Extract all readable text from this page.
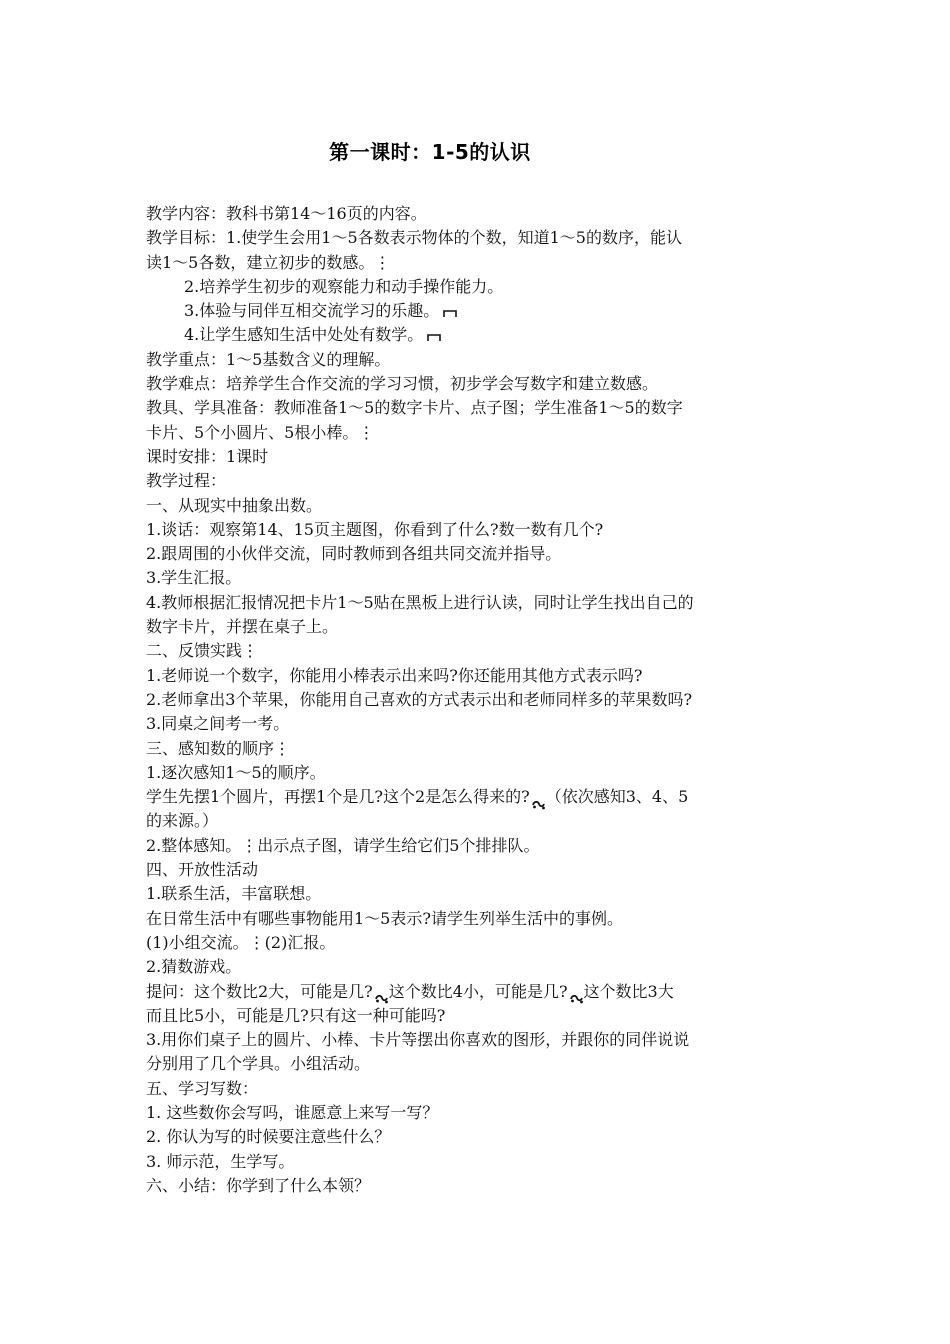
第一课时：1-5的认识
教学内容：教科书第14～16页的内容。
教学目标：1.使学生会用1～5各数表示物体的个数，知道1～5的数序，能认
读1～5各数，建立初步的数感。⋮
2.培养学生初步的观察能力和动手操作能力。
3.体验与同伴互相交流学习的乐趣。
4.让学生感知生活中处处有数学。
教学重点：1～5基数含义的理解。
教学难点：培养学生合作交流的学习习惯，初步学会写数字和建立数感。
教具、学具准备：教师准备1～5的数字卡片、点子图；学生准备1～5的数字
卡片、5个小圆片、5根小棒。⋮
课时安排：1课时
教学过程：
一、从现实中抽象出数。
1.谈话：观察第14、15页主题图，你看到了什么?数一数有几个?
2.跟周围的小伙伴交流，同时教师到各组共同交流并指导。
3.学生汇报。
4.教师根据汇报情况把卡片1～5贴在黑板上进行认读，同时让学生找出自己的
数字卡片，并摆在桌子上。
二、反馈实践⋮
1.老师说一个数字，你能用小棒表示出来吗?你还能用其他方式表示吗?
2.老师拿出3个苹果，你能用自己喜欢的方式表示出和老师同样多的苹果数吗?
3.同桌之间考一考。
三、感知数的顺序⋮
1.逐次感知1～5的顺序。
学生先摆1个圆片，再摆1个是几?这个2是怎么得来的? （依次感知3、4、5
的来源。）
2.整体感知。⋮出示点子图，请学生给它们5个排排队。
四、开放性活动
1.联系生活，丰富联想。
在日常生活中有哪些事物能用1～5表示?请学生列举生活中的事例。
(1)小组交流。⋮(2)汇报。
2.猜数游戏。
提问：这个数比2大，可能是几? 这个数比4小，可能是几? 这个数比3大
而且比5小，可能是几?只有这一种可能吗?
3.用你们桌子上的圆片、小棒、卡片等摆出你喜欢的图形，并跟你的同伴说说
分别用了几个学具。小组活动。
五、学习写数：
1. 这些数你会写吗，谁愿意上来写一写？
2. 你认为写的时候要注意些什么？
3. 师示范，生学写。
六、小结：你学到了什么本领？
